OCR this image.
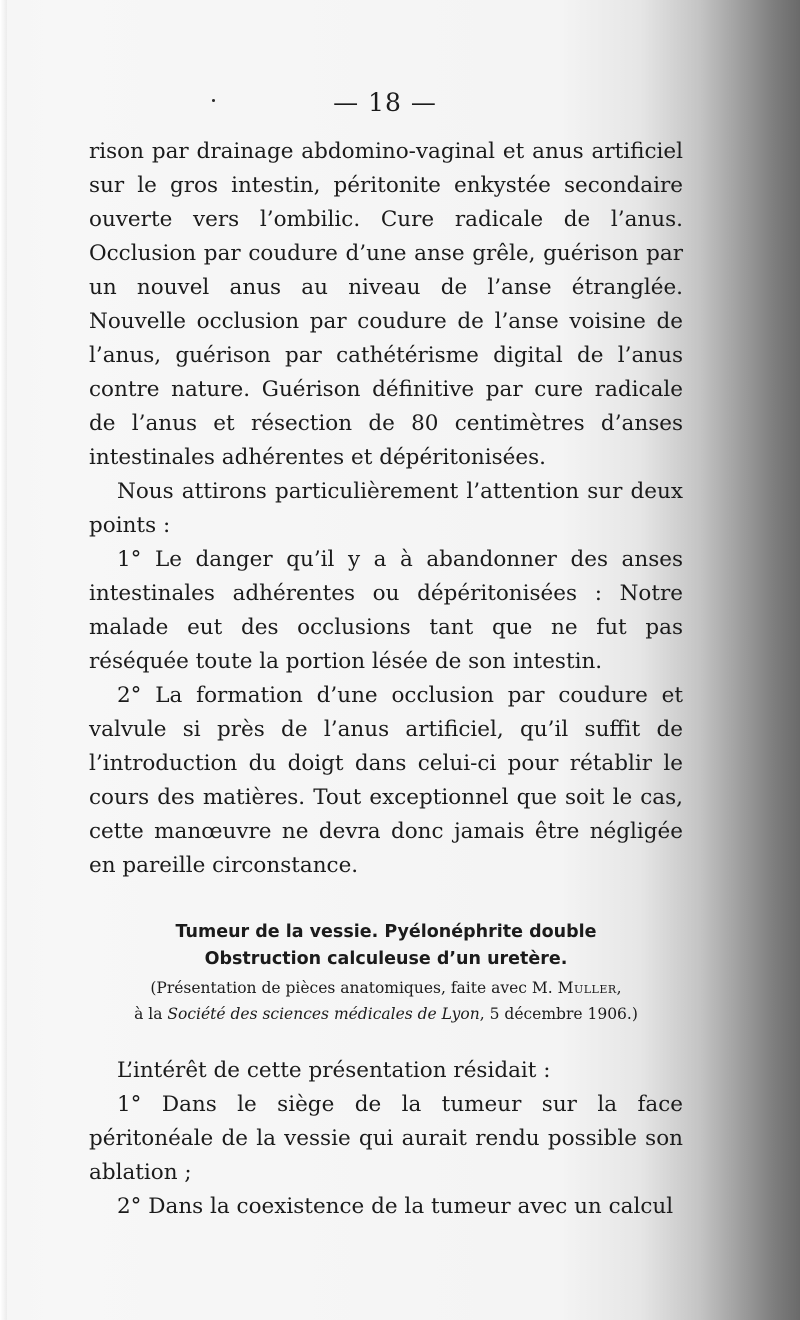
— 18 —

rison par drainage abdomino-vaginal et anus artificiel sur le gros intestin, péritonite enkystée secondaire ouverte vers l’ombilic. Cure radicale de l’anus. Occlusion par coudure d’une anse grêle, guérison par un nouvel anus au niveau de l’anse étranglée. Nouvelle occlusion par coudure de l’anse voisine de l’anus, guérison par cathétérisme digital de l’anus contre nature. Guérison définitive par cure radicale de l’anus et résection de 80 centimètres d’anses intestinales adhérentes et dépéritonisées.

Nous attirons particulièrement l’attention sur deux points :

1° Le danger qu’il y a à abandonner des anses intestinales adhérentes ou dépéritonisées : Notre malade eut des occlusions tant que ne fut pas réséquée toute la portion lésée de son intestin.

2° La formation d’une occlusion par coudure et valvule si près de l’anus artificiel, qu’il suffit de l’introduction du doigt dans celui-ci pour rétablir le cours des matières. Tout exceptionnel que soit le cas, cette manœuvre ne devra donc jamais être négligée en pareille circonstance.

Tumeur de la vessie. Pyélonéphrite double

Obstruction calculeuse d’un uretère.

(Présentation de pièces anatomiques, faite avec M. Muller,
à la Société des sciences médicales de Lyon, 5 décembre 1906.)

L’intérêt de cette présentation résidait :

1° Dans le siège de la tumeur sur la face péritonéale de la vessie qui aurait rendu possible son ablation ;

2° Dans la coexistence de la tumeur avec un calcul
